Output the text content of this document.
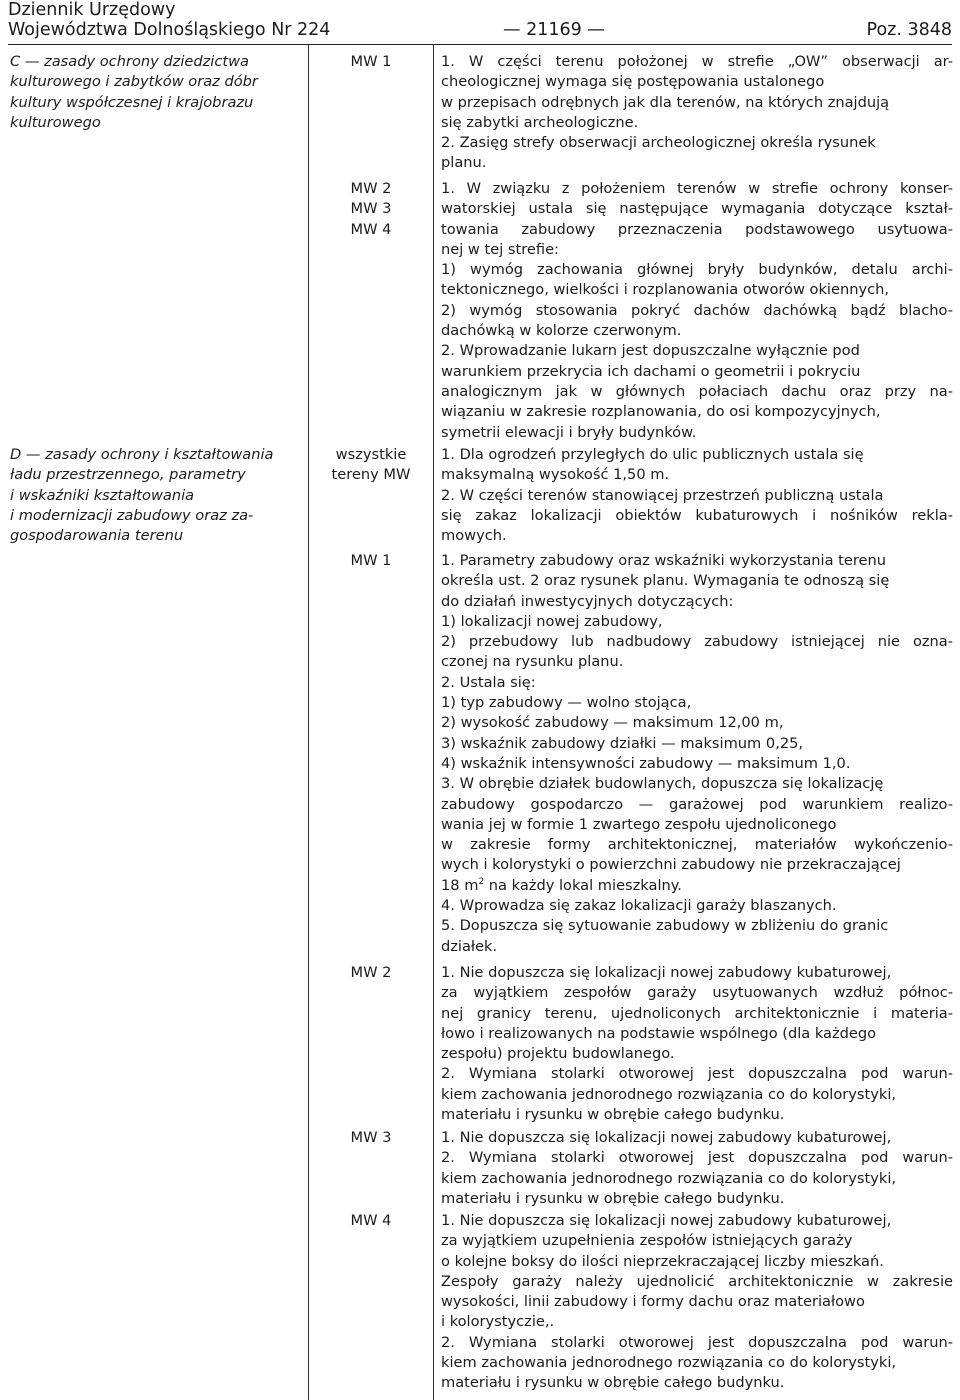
Dziennik Urzędowy
Województwa Dolnośląskiego Nr 224	— 21169 —	Poz. 3848
C — zasady ochrony dziedzictwa
kulturowego i zabytków oraz dóbr
kultury współczesnej i krajobrazu
kulturowego
D — zasady ochrony i kształtowania
ładu przestrzennego, parametry
i wskaźniki kształtowania
i modernizacji zabudowy oraz za-
gospodarowania terenu
MW 1
MW 2
MW 3
MW 4
wszystkie
tereny MW
MW 1
MW 2
MW 3
MW 4
1. W części terenu położonej w strefie „OW” obserwacji ar-
cheologicznej wymaga się postępowania ustalonego
w przepisach odrębnych jak dla terenów, na których znajdują
się zabytki archeologiczne.
2. Zasięg strefy obserwacji archeologicznej określa rysunek
planu.
1. W związku z położeniem terenów w strefie ochrony konser-
watorskiej ustala się następujące wymagania dotyczące kształ-
towania zabudowy przeznaczenia podstawowego usytuowa-
nej w tej strefie:
1) wymóg zachowania głównej bryły budynków, detalu archi-
tektonicznego, wielkości i rozplanowania otworów okiennych,
2) wymóg stosowania pokryć dachów dachówką bądź blacho-
dachówką w kolorze czerwonym.
2. Wprowadzanie lukarn jest dopuszczalne wyłącznie pod
warunkiem przekrycia ich dachami o geometrii i pokryciu
analogicznym jak w głównych połaciach dachu oraz przy na-
wiązaniu w zakresie rozplanowania, do osi kompozycyjnych,
symetrii elewacji i bryły budynków.
1. Dla ogrodzeń przyległych do ulic publicznych ustala się
maksymalną wysokość 1,50 m.
2. W części terenów stanowiącej przestrzeń publiczną ustala
się zakaz lokalizacji obiektów kubaturowych i nośników rekla-
mowych.
1. Parametry zabudowy oraz wskaźniki wykorzystania terenu
określa ust. 2 oraz rysunek planu. Wymagania te odnoszą się
do działań inwestycyjnych dotyczących:
1) lokalizacji nowej zabudowy,
2) przebudowy lub nadbudowy zabudowy istniejącej nie ozna-
czonej na rysunku planu.
2. Ustala się:
1) typ zabudowy — wolno stojąca,
2) wysokość zabudowy — maksimum 12,00 m,
3) wskaźnik zabudowy działki — maksimum 0,25,
4) wskaźnik intensywności zabudowy — maksimum 1,0.
3. W obrębie działek budowlanych, dopuszcza się lokalizację
zabudowy gospodarczo — garażowej pod warunkiem realizo-
wania jej w formie 1 zwartego zespołu ujednoliconego
w zakresie formy architektonicznej, materiałów wykończenio-
wych i kolorystyki o powierzchni zabudowy nie przekraczającej
18 $m^2$ na każdy lokal mieszkalny.
4. Wprowadza się zakaz lokalizacji garaży blaszanych.
5. Dopuszcza się sytuowanie zabudowy w zbliżeniu do granic
działek.
1. Nie dopuszcza się lokalizacji nowej zabudowy kubaturowej,
za wyjątkiem zespołów garaży usytuowanych wzdłuż północ-
nej granicy terenu, ujednoliconych architektonicznie i materia-
łowo i realizowanych na podstawie wspólnego (dla każdego
zespołu) projektu budowlanego.
2. Wymiana stolarki otworowej jest dopuszczalna pod warun-
kiem zachowania jednorodnego rozwiązania co do kolorystyki,
materiału i rysunku w obrębie całego budynku.
1. Nie dopuszcza się lokalizacji nowej zabudowy kubaturowej,
2. Wymiana stolarki otworowej jest dopuszczalna pod warun-
kiem zachowania jednorodnego rozwiązania co do kolorystyki,
materiału i rysunku w obrębie całego budynku.
1. Nie dopuszcza się lokalizacji nowej zabudowy kubaturowej,
za wyjątkiem uzupełnienia zespołów istniejących garaży
o kolejne boksy do ilości nieprzekraczającej liczby mieszkań.
Zespoły garaży należy ujednolicić architektonicznie w zakresie
wysokości, linii zabudowy i formy dachu oraz materiałowo
i kolorystyczie,.
2. Wymiana stolarki otworowej jest dopuszczalna pod warun-
kiem zachowania jednorodnego rozwiązania co do kolorystyki,
materiału i rysunku w obrębie całego budynku.
